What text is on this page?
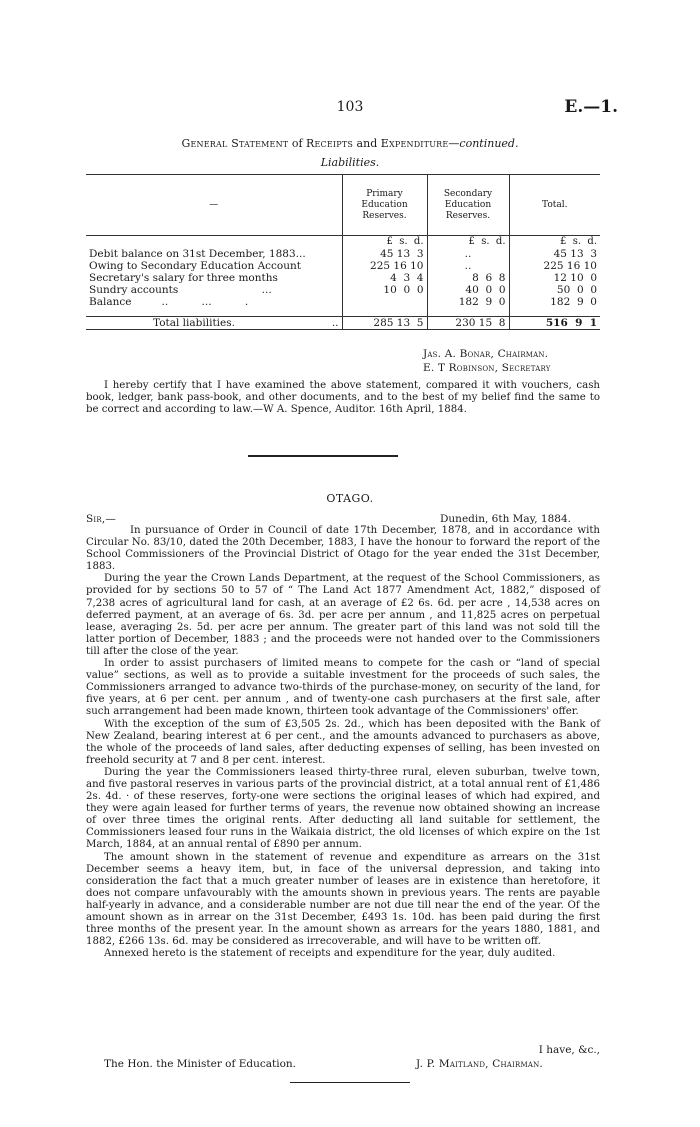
103	E.—1.
General Statement of Receipts and Expenditure—continued.
Liabilities.
—	Primary Education Reserves.	Secondary Education Reserves.	Total.
	£  s.  d.	£  s.  d.	£  s.  d.
Debit balance on 31st December, 1883...	45 13  3	..	45 13  3
Owing to Secondary Education Account	225 16 10	..	225 16 10
Secretary's salary for three months	4  3  4	8  6  8	12 10  0
Sundry accounts                         ...	10  0  0	40  0  0	50  0  0
Balance         ..          ...          .		182  9  0	182  9  0
Total liabilities. ..	285 13  5	230 15  8	516  9  1
Jas. A. Bonar, Chairman.
E. T Robinson, Secretary

I hereby certify that I have examined the above statement, compared it with vouchers, cash book, ledger, bank pass-book, and other documents, and to the best of my belief find the same to be correct and according to law.—W A. Spence, Auditor. 16th April, 1884.

OTAGO.
Sir,—	Dunedin, 6th May, 1884.

In pursuance of Order in Council of date 17th December, 1878, and in accordance with Circular No. 83/10, dated the 20th December, 1883, I have the honour to forward the report of the School Commissioners of the Provincial District of Otago for the year ended the 31st December, 1883.

During the year the Crown Lands Department, at the request of the School Commissioners, as provided for by sections 50 to 57 of “ The Land Act 1877 Amendment Act, 1882,” disposed of 7,238 acres of agricultural land for cash, at an average of £2 6s. 6d. per acre , 14,538 acres on deferred payment, at an average of 6s. 3d. per acre per annum , and 11,825 acres on perpetual lease, averaging 2s. 5d. per acre per annum. The greater part of this land was not sold till the latter portion of December, 1883 ; and the proceeds were not handed over to the Commissioners till after the close of the year.

In order to assist purchasers of limited means to compete for the cash or “land of special value” sections, as well as to provide a suitable investment for the proceeds of such sales, the Commissioners arranged to advance two-thirds of the purchase-money, on security of the land, for five years, at 6 per cent. per annum , and of twenty-one cash purchasers at the first sale, after such arrangement had been made known, thirteen took advantage of the Commissioners' offer.

With the exception of the sum of £3,505 2s. 2d., which has been deposited with the Bank of New Zealand, bearing interest at 6 per cent., and the amounts advanced to purchasers as above, the whole of the proceeds of land sales, after deducting expenses of selling, has been invested on freehold security at 7 and 8 per cent. interest.

During the year the Commissioners leased thirty-three rural, eleven suburban, twelve town, and five pastoral reserves in various parts of the provincial district, at a total annual rent of £1,486 2s. 4d. · of these reserves, forty-one were sections the original leases of which had expired, and they were again leased for further terms of years, the revenue now obtained showing an increase of over three times the original rents. After deducting all land suitable for settlement, the Commissioners leased four runs in the Waikaia district, the old licenses of which expire on the 1st March, 1884, at an annual rental of £890 per annum.

The amount shown in the statement of revenue and expenditure as arrears on the 31st December seems a heavy item, but, in face of the universal depression, and taking into consideration the fact that a much greater number of leases are in existence than heretofore, it does not compare unfavourably with the amounts shown in previous years. The rents are payable half-yearly in advance, and a considerable number are not due till near the end of the year. Of the amount shown as in arrear on the 31st December, £493 1s. 10d. has been paid during the first three months of the present year. In the amount shown as arrears for the years 1880, 1881, and 1882, £266 13s. 6d. may be considered as irrecoverable, and will have to be written off.

Annexed hereto is the statement of receipts and expenditure for the year, duly audited.

I have, &c.,
The Hon. the Minister of Education.	J. P. Maitland, Chairman.
